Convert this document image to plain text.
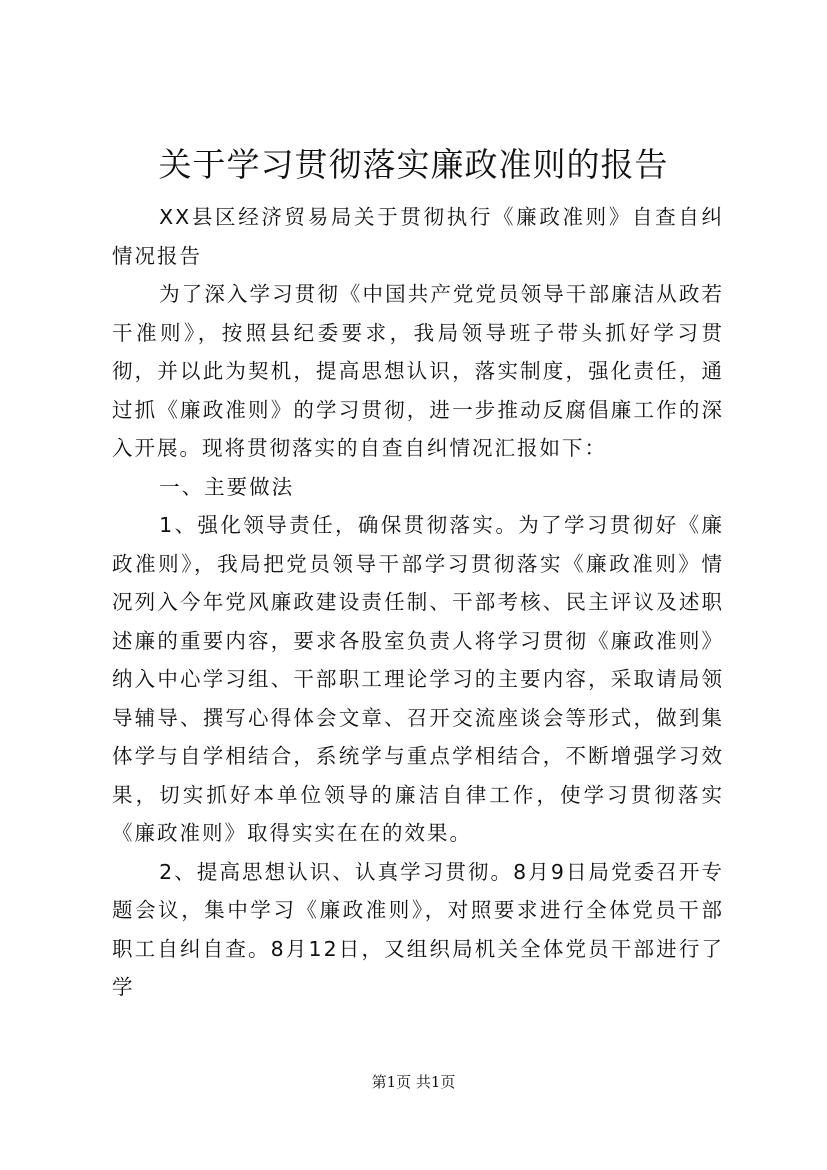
关于学习贯彻落实廉政准则的报告

XX县区经济贸易局关于贯彻执行《廉政准则》自查自纠情况报告

为了深入学习贯彻《中国共产党党员领导干部廉洁从政若干准则》，按照县纪委要求，我局领导班子带头抓好学习贯彻，并以此为契机，提高思想认识，落实制度，强化责任，通过抓《廉政准则》的学习贯彻，进一步推动反腐倡廉工作的深入开展。现将贯彻落实的自查自纠情况汇报如下：

一、主要做法

1、强化领导责任，确保贯彻落实。为了学习贯彻好《廉政准则》，我局把党员领导干部学习贯彻落实《廉政准则》情况列入今年党风廉政建设责任制、干部考核、民主评议及述职述廉的重要内容，要求各股室负责人将学习贯彻《廉政准则》纳入中心学习组、干部职工理论学习的主要内容，采取请局领导辅导、撰写心得体会文章、召开交流座谈会等形式，做到集体学与自学相结合，系统学与重点学相结合，不断增强学习效果，切实抓好本单位领导的廉洁自律工作，使学习贯彻落实《廉政准则》取得实实在在的效果。

2、提高思想认识、认真学习贯彻。8月9日局党委召开专题会议，集中学习《廉政准则》，对照要求进行全体党员干部职工自纠自查。8月12日，又组织局机关全体党员干部进行了学

第1页 共1页
